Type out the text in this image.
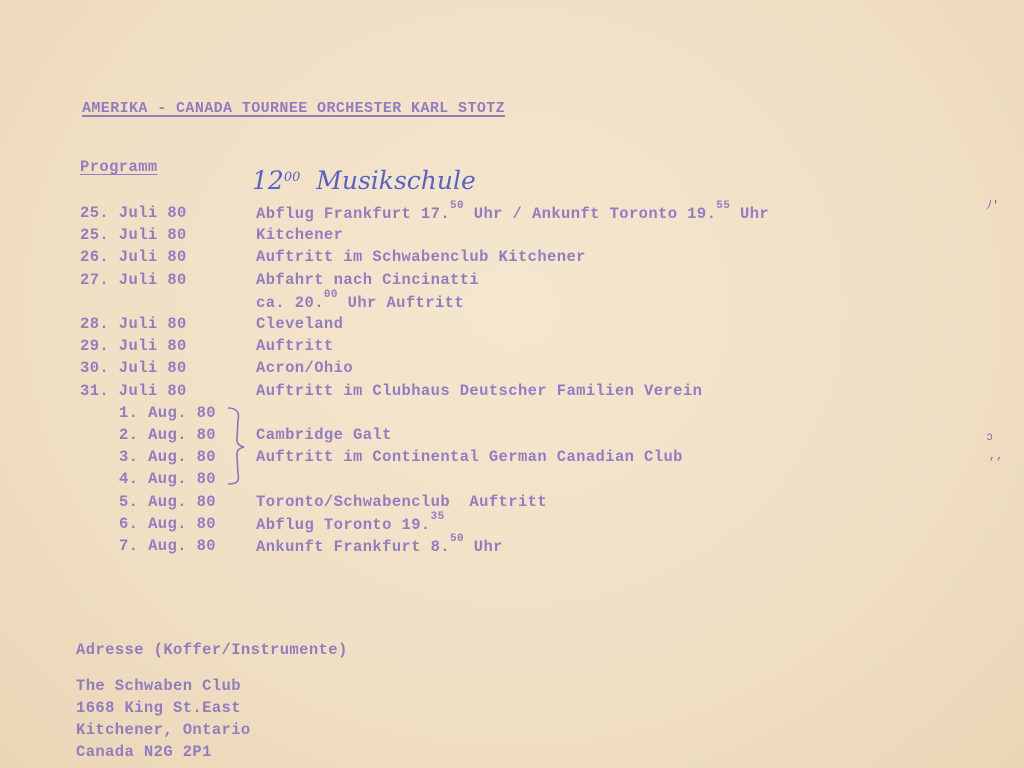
AMERIKA - CANADA TOURNEE ORCHESTER KARL STOTZ
Programm	$12^{00}$ Musikschule
25. Juli 80	Abflug Frankfurt 17.50 Uhr / Ankunft Toronto 19.55 Uhr
25. Juli 80	Kitchener
26. Juli 80	Auftritt im Schwabenclub Kitchener
27. Juli 80	Abfahrt nach Cincinatti
ca. 20.00 Uhr Auftritt
28. Juli 80	Cleveland
29. Juli 80	Auftritt
30. Juli 80	Acron/Ohio
31. Juli 80	Auftritt im Clubhaus Deutscher Familien Verein
1. Aug. 80
2. Aug. 80	Cambridge Galt
3. Aug. 80	Auftritt im Continental German Canadian Club
4. Aug. 80
5. Aug. 80	Toronto/Schwabenclub  Auftritt
6. Aug. 80	Abflug Toronto 19.35
7. Aug. 80	Ankunft Frankfurt 8.50 Uhr
Adresse (Koffer/Instrumente)
The Schwaben Club
1668 King St.East
Kitchener, Ontario
Canada N2G 2P1
ﾉ'
ↄ
’’
